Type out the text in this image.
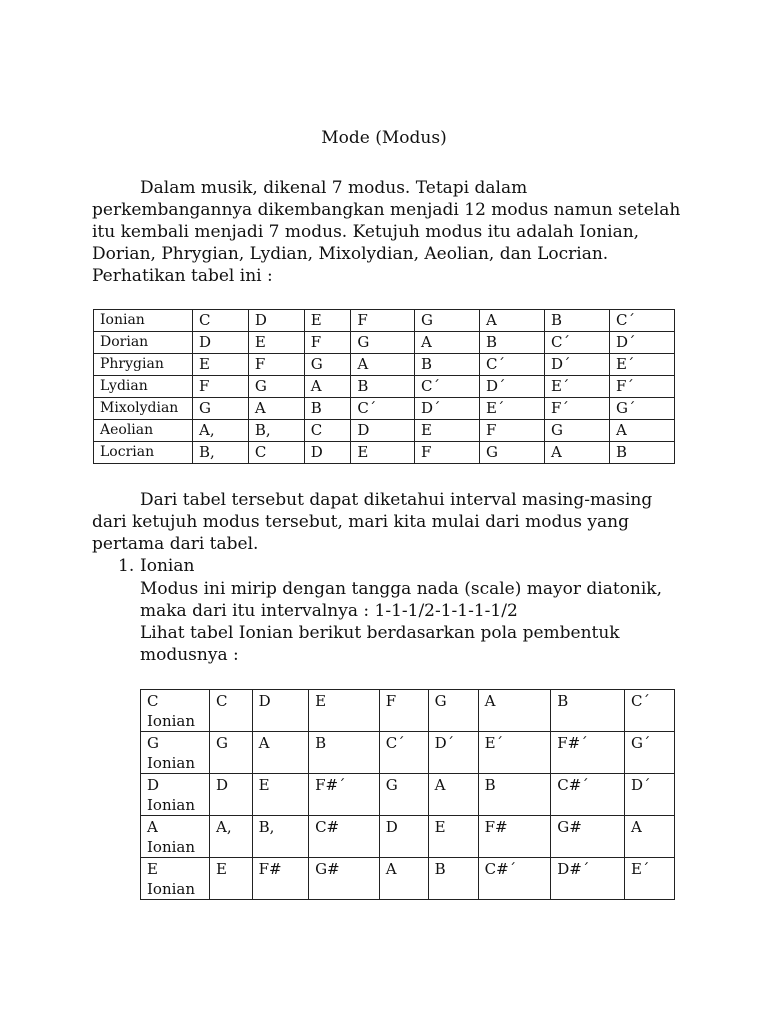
Mode (Modus)
Dalam musik, dikenal 7 modus. Tetapi dalam
perkembangannya dikembangkan menjadi 12 modus namun setelah
itu kembali menjadi 7 modus. Ketujuh modus itu adalah Ionian,
Dorian, Phrygian, Lydian, Mixolydian, Aeolian, dan Locrian.
Perhatikan tabel ini :
Ionian	C	D	E	F	G	A	B	C´
Dorian	D	E	F	G	A	B	C´	D´
Phrygian	E	F	G	A	B	C´	D´	E´
Lydian	F	G	A	B	C´	D´	E´	F´
Mixolydian	G	A	B	C´	D´	E´	F´	G´
Aeolian	A,	B,	C	D	E	F	G	A
Locrian	B,	C	D	E	F	G	A	B
Dari tabel tersebut dapat diketahui interval masing-masing
dari ketujuh modus tersebut, mari kita mulai dari modus yang
pertama dari tabel.
1. Ionian
Modus ini mirip dengan tangga nada (scale) mayor diatonik,
maka dari itu intervalnya : 1-1-1/2-1-1-1-1/2
Lihat tabel Ionian berikut berdasarkan pola pembentuk
modusnya :
C
Ionian	C	D	E	F	G	A	B	C´

G
Ionian	G	A	B	C´	D´	E´	F#´	G´

D
Ionian	D	E	F#´	G	A	B	C#´	D´

A
Ionian	A,	B,	C#	D	E	F#	G#	A

E
Ionian	E	F#	G#	A	B	C#´	D#´	E´
